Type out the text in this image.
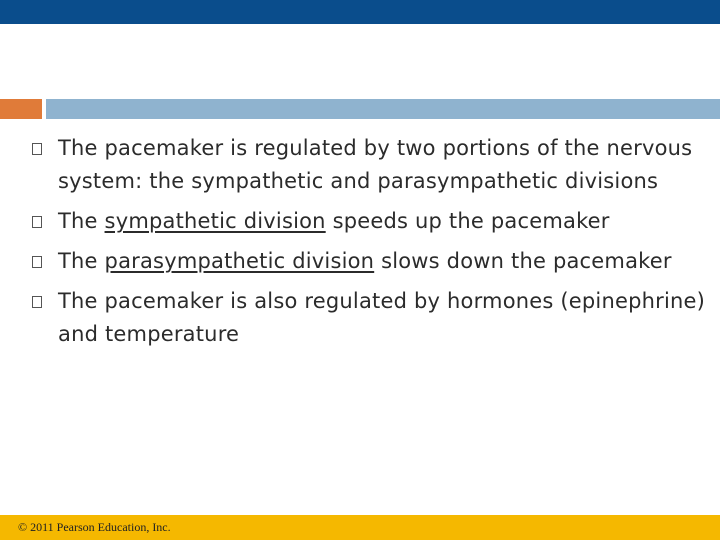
The pacemaker is regulated by two portions of the nervous system: the sympathetic and parasympathetic divisions
The sympathetic division speeds up the pacemaker
The parasympathetic division slows down the pacemaker
The pacemaker is also regulated by hormones (epinephrine) and temperature
© 2011 Pearson Education, Inc.
